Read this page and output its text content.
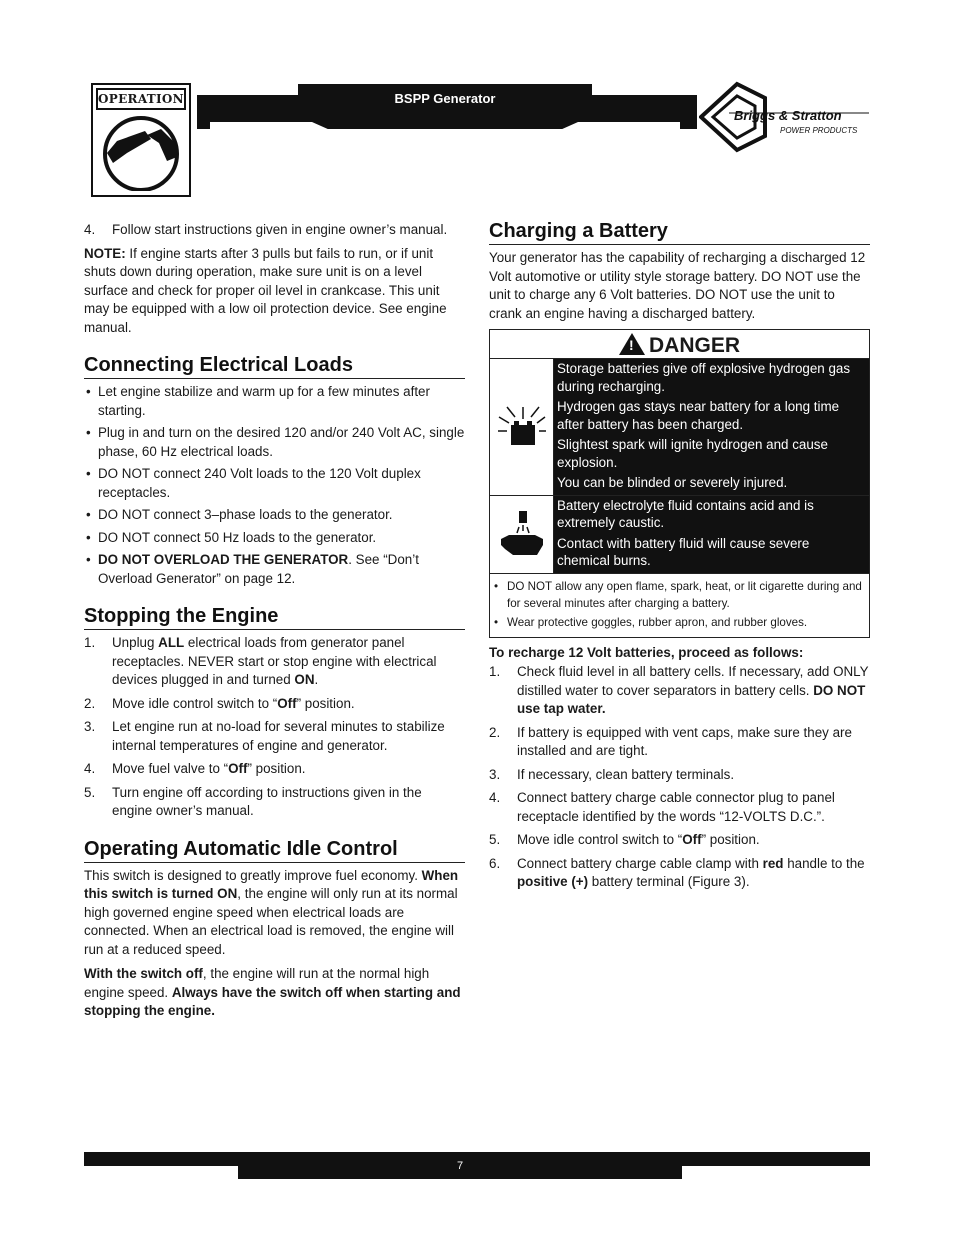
OPERATION	BSPP Generator
Briggs & Stratton
POWER PRODUCTS
4. Follow start instructions given in engine owner’s manual.

NOTE: If engine starts after 3 pulls but fails to run, or if unit shuts down during operation, make sure unit is on a level surface and check for proper oil level in crankcase. This unit may be equipped with a low oil protection device. See engine manual.

Connecting Electrical Loads
• Let engine stabilize and warm up for a few minutes after starting.
• Plug in and turn on the desired 120 and/or 240 Volt AC, single phase, 60 Hz electrical loads.
• DO NOT connect 240 Volt loads to the 120 Volt duplex receptacles.
• DO NOT connect 3–phase loads to the generator.
• DO NOT connect 50 Hz loads to the generator.
• DO NOT OVERLOAD THE GENERATOR. See “Don’t Overload Generator” on page 12.
Stopping the Engine
1. Unplug ALL electrical loads from generator panel receptacles. NEVER start or stop engine with electrical devices plugged in and turned ON.
2. Move idle control switch to “Off” position.
3. Let engine run at no-load for several minutes to stabilize internal temperatures of engine and generator.
4. Move fuel valve to “Off” position.
5. Turn engine off according to instructions given in the engine owner’s manual.
Operating Automatic Idle Control

This switch is designed to greatly improve fuel economy. When this switch is turned ON, the engine will only run at its normal high governed engine speed when electrical loads are connected. When an electrical load is removed, the engine will run at a reduced speed.

With the switch off, the engine will run at the normal high engine speed. Always have the switch off when starting and stopping the engine.

Charging a Battery

Your generator has the capability of recharging a discharged 12 Volt automotive or utility style storage battery. DO NOT use the unit to charge any 6 Volt batteries. DO NOT use the unit to crank an engine having a discharged battery.

!DANGER
Storage batteries give off explosive hydrogen gas during recharging.
Hydrogen gas stays near battery for a long time after battery has been charged.
Slightest spark will ignite hydrogen and cause explosion.
You can be blinded or severely injured.
Battery electrolyte fluid contains acid and is extremely caustic.
Contact with battery fluid will cause severe chemical burns.
• DO NOT allow any open flame, spark, heat, or lit cigarette during and for several minutes after charging a battery.
• Wear protective goggles, rubber apron, and rubber gloves.

To recharge 12 Volt batteries, proceed as follows:

1. Check fluid level in all battery cells. If necessary, add ONLY distilled water to cover separators in battery cells. DO NOT use tap water.
2. If battery is equipped with vent caps, make sure they are installed and are tight.
3. If necessary, clean battery terminals.
4. Connect battery charge cable connector plug to panel receptacle identified by the words “12-VOLTS D.C.”.
5. Move idle control switch to “Off” position.
6. Connect battery charge cable clamp with red handle to the positive (+) battery terminal (Figure 3).
7
